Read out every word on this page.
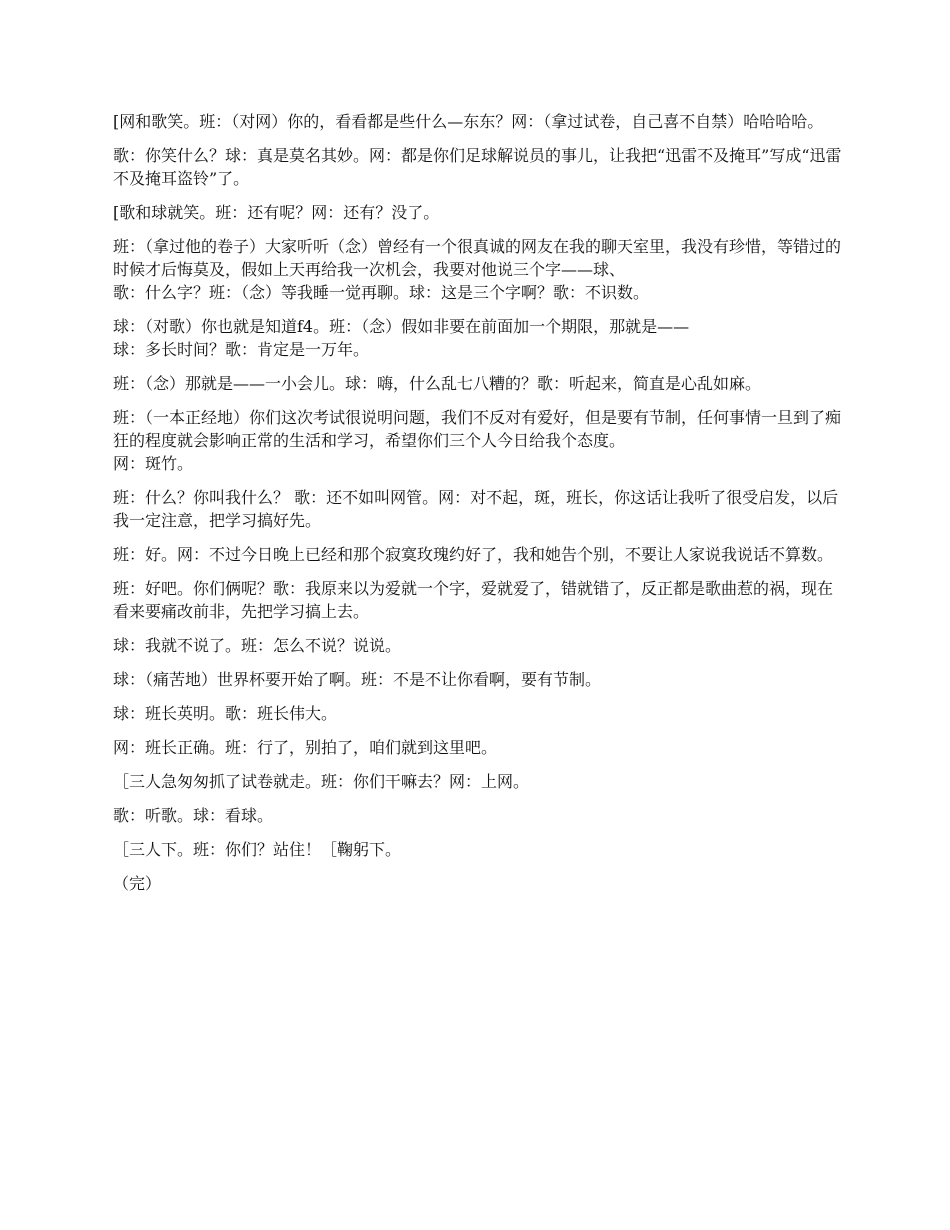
[网和歌笑。班：（对网）你的，看看都是些什么—东东？网：（拿过试卷，自己喜不自禁）哈哈哈哈。

歌：你笑什么？球：真是莫名其妙。网：都是你们足球解说员的事儿，让我把“迅雷不及掩耳”写成“迅雷不及掩耳盗铃”了。

[歌和球就笑。班：还有呢？网：还有？没了。

班：（拿过他的卷子）大家听听（念）曾经有一个很真诚的网友在我的聊天室里，我没有珍惜，等错过的时候才后悔莫及，假如上天再给我一次机会，我要对他说三个字——球、
歌：什么字？班：（念）等我睡一觉再聊。球：这是三个字啊？歌：不识数。

球：（对歌）你也就是知道f4。班：（念）假如非要在前面加一个期限，那就是——
球：多长时间？歌：肯定是一万年。

班：（念）那就是——一小会儿。球：嗨，什么乱七八糟的？歌：听起来，简直是心乱如麻。

班：（一本正经地）你们这次考试很说明问题，我们不反对有爱好，但是要有节制，任何事情一旦到了痴狂的程度就会影响正常的生活和学习，希望你们三个人今日给我个态度。
网：斑竹。

班：什么？你叫我什么？ 歌：还不如叫网管。网：对不起，斑，班长，你这话让我听了很受启发，以后我一定注意，把学习搞好先。

班：好。网：不过今日晚上已经和那个寂寞玫瑰约好了，我和她告个别，不要让人家说我说话不算数。

班：好吧。你们俩呢？歌：我原来以为爱就一个字，爱就爱了，错就错了，反正都是歌曲惹的祸，现在看来要痛改前非，先把学习搞上去。

球：我就不说了。班：怎么不说？说说。

球：（痛苦地）世界杯要开始了啊。班：不是不让你看啊，要有节制。

球：班长英明。歌：班长伟大。

网：班长正确。班：行了，别拍了，咱们就到这里吧。

［三人急匆匆抓了试卷就走。班：你们干嘛去？网：上网。

歌：听歌。球：看球。

［三人下。班：你们？站住！［鞠躬下。

（完）
